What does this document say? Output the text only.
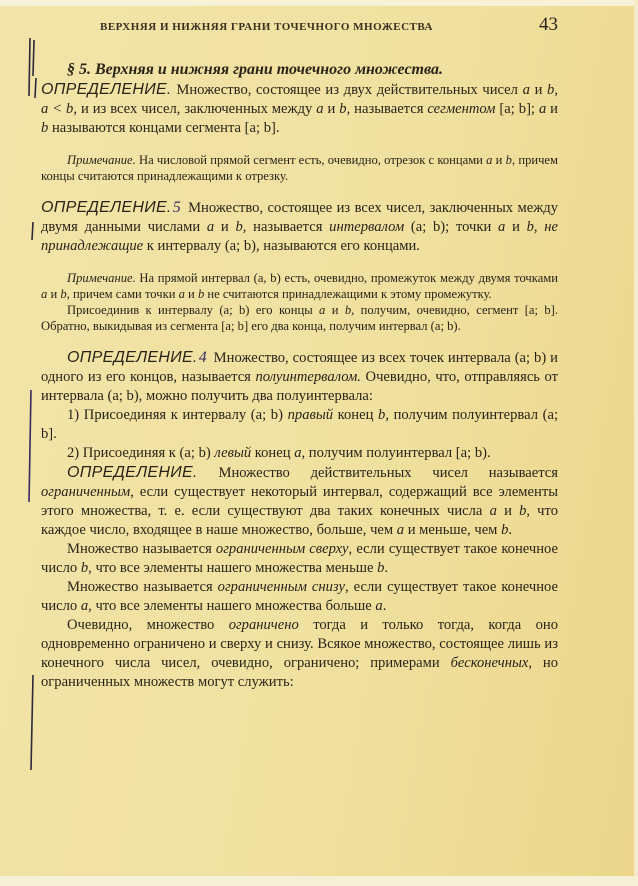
ВЕРХНЯЯ И НИЖНЯЯ ГРАНИ ТОЧЕЧНОГО МНОЖЕСТВА	43

§ 5. Верхняя и нижняя грани точечного множества.

ОПРЕДЕЛЕНИЕ. Множество, состоящее из двух действительных чисел a и b, a < b, и из всех чисел, заключенных между a и b, называется сегментом [a; b]; a и b называются концами сегмента [a; b].

Примечание. На числовой прямой сегмент есть, очевидно, отрезок с концами a и b, причем концы считаются принадлежащими к отрезку.

ОПРЕДЕЛЕНИЕ.5 Множество, состоящее из всех чисел, заключенных между двумя данными числами a и b, называется интервалом (a; b); точки a и b, не принадлежащие к интервалу (a; b), называются его концами.

Примечание. На прямой интервал (a, b) есть, очевидно, промежуток между двумя точками a и b, причем сами точки a и b не считаются принадлежащими к этому промежутку.

Присоединив к интервалу (a; b) его концы a и b, получим, очевидно, сегмент [a; b]. Обратно, выкидывая из сегмента [a; b] его два конца, получим интервал (a; b).

ОПРЕДЕЛЕНИЕ.4 Множество, состоящее из всех точек интервала (a; b) и одного из его концов, называется полуинтервалом. Очевидно, что, отправляясь от интервала (a; b), можно получить два полуинтервала:

1) Присоединяя к интервалу (a; b) правый конец b, получим полуинтервал (a; b].

2) Присоединяя к (a; b) левый конец a, получим полуинтервал [a; b).

ОПРЕДЕЛЕНИЕ. Множество действительных чисел называется ограниченным, если существует некоторый интервал, содержащий все элементы этого множества, т. е. если существуют два таких конечных числа a и b, что каждое число, входящее в наше множество, больше, чем a и меньше, чем b.

Множество называется ограниченным сверху, если существует такое конечное число b, что все элементы нашего множества меньше b.

Множество называется ограниченным снизу, если существует такое конечное число a, что все элементы нашего множества больше a.

Очевидно, множество ограничено тогда и только тогда, когда оно одновременно ограничено и сверху и снизу. Всякое множество, состоящее лишь из конечного числа чисел, очевидно, ограничено; примерами бесконечных, но ограниченных множеств могут служить:
